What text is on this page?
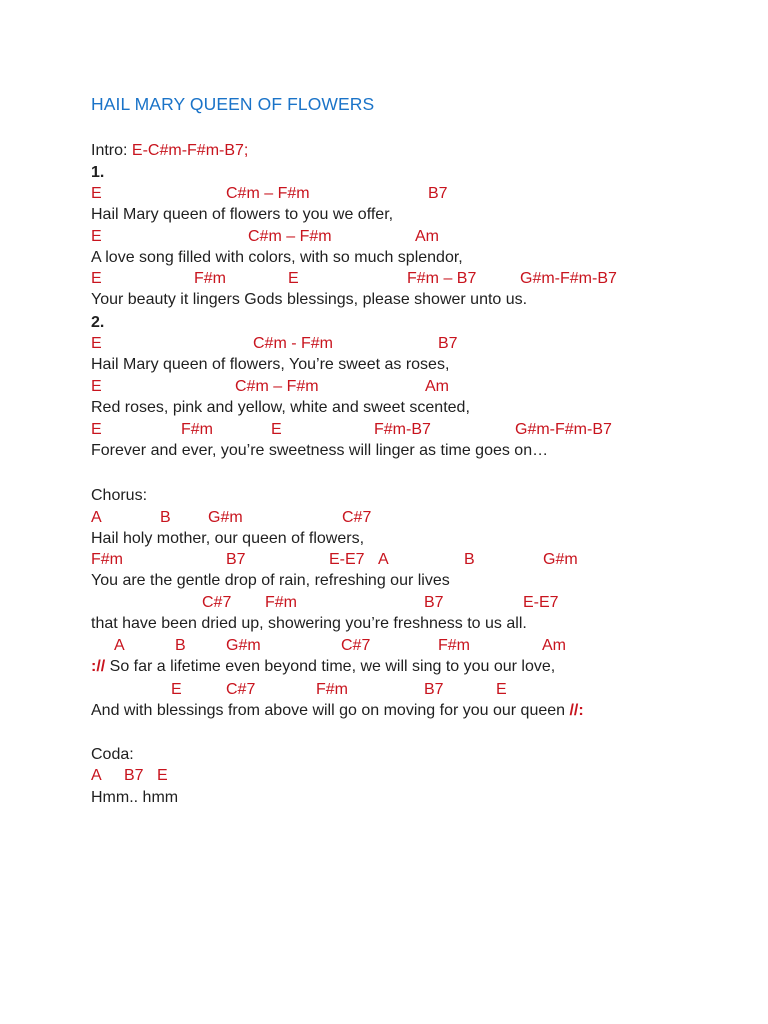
HAIL MARY QUEEN OF FLOWERS
Intro: E-C#m-F#m-B7;
1.
E	C#m – F#m	B7
Hail Mary queen of flowers to you we offer,
E	C#m – F#m	Am
A love song filled with colors, with so much splendor,
E	F#m	E	F#m – B7	G#m-F#m-B7
Your beauty it lingers Gods blessings, please shower unto us.
2.
E	C#m - F#m	B7
Hail Mary queen of flowers, You’re sweet as roses,
E	C#m – F#m	Am
Red roses, pink and yellow, white and sweet scented,
E	F#m	E	F#m-B7	G#m-F#m-B7
Forever and ever, you’re sweetness will linger as time goes on…
Chorus:
A	B G#m	C#7
Hail holy mother, our queen of flowers,
F#m	B7	E-E7 A	B	G#m
You are the gentle drop of rain, refreshing our lives
C#7 F#m	B7	E-E7
that have been dried up, showering you’re freshness to us all.
A	B	G#m	C#7	F#m	Am
:// So far a lifetime even beyond time, we will sing to you our love,
E	C#7	F#m	B7	E
And with blessings from above will go on moving for you our queen //:
Coda:
A B7 E
Hmm.. hmm
